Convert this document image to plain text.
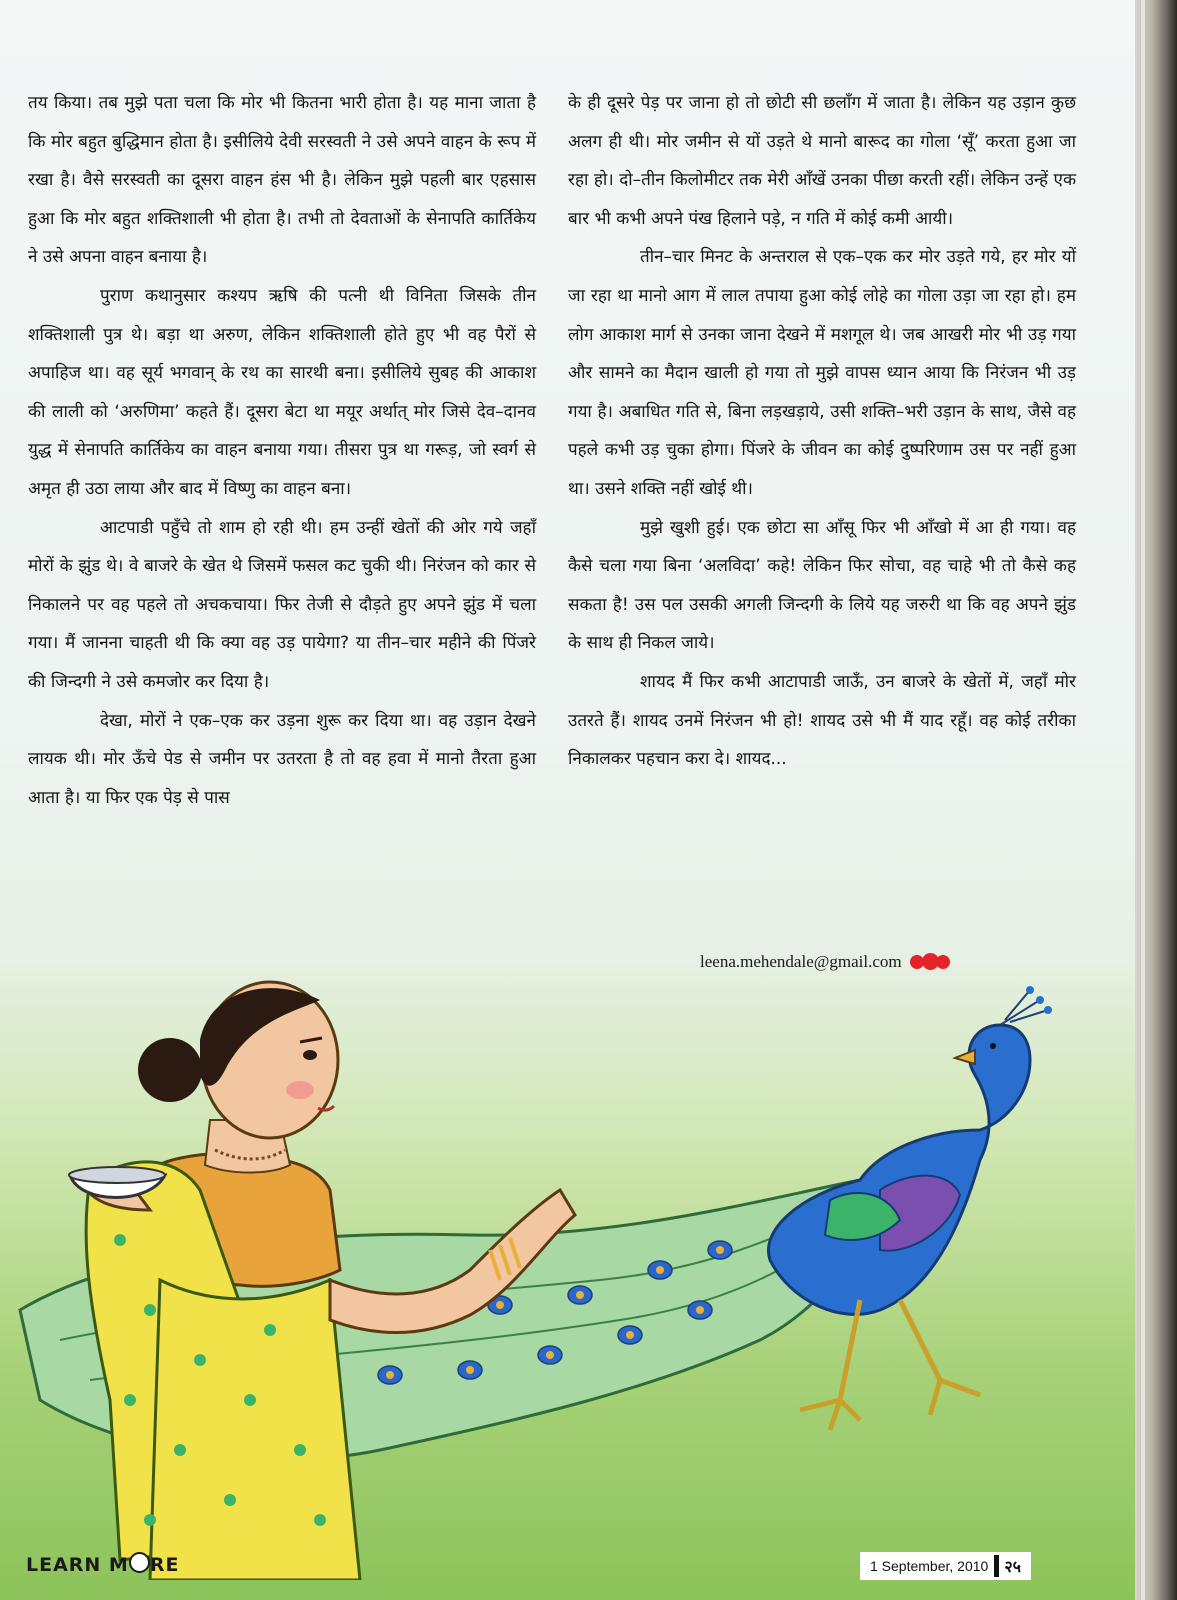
तय किया। तब मुझे पता चला कि मोर भी कितना भारी होता है। यह माना जाता है कि मोर बहुत बुद्धिमान होता है। इसीलिये देवी सरस्वती ने उसे अपने वाहन के रूप में रखा है। वैसे सरस्वती का दूसरा वाहन हंस भी है। लेकिन मुझे पहली बार एहसास हुआ कि मोर बहुत शक्तिशाली भी होता है। तभी तो देवताओं के सेनापति कार्तिकेय ने उसे अपना वाहन बनाया है।

पुराण कथानुसार कश्यप ऋषि की पत्नी थी विनिता जिसके तीन शक्तिशाली पुत्र थे। बड़ा था अरुण, लेकिन शक्तिशाली होते हुए भी वह पैरों से अपाहिज था। वह सूर्य भगवान् के रथ का सारथी बना। इसीलिये सुबह की आकाश की लाली को ‘अरुणिमा’ कहते हैं। दूसरा बेटा था मयूर अर्थात् मोर जिसे देव–दानव युद्ध में सेनापति कार्तिकेय का वाहन बनाया गया। तीसरा पुत्र था गरूड़, जो स्वर्ग से अमृत ही उठा लाया और बाद में विष्णु का वाहन बना।

आटपाडी पहुँचे तो शाम हो रही थी। हम उन्हीं खेतों की ओर गये जहाँ मोरों के झुंड थे। वे बाजरे के खेत थे जिसमें फसल कट चुकी थी। निरंजन को कार से निकालने पर वह पहले तो अचकचाया। फिर तेजी से दौड़ते हुए अपने झुंड में चला गया। मैं जानना चाहती थी कि क्या वह उड़ पायेगा? या तीन–चार महीने की पिंजरे की जिन्दगी ने उसे कमजोर कर दिया है।

देखा, मोरों ने एक–एक कर उड़ना शुरू कर दिया था। वह उड़ान देखने लायक थी। मोर ऊँचे पेड से जमीन पर उतरता है तो वह हवा में मानो तैरता हुआ आता है। या फिर एक पेड़ से पास

के ही दूसरे पेड़ पर जाना हो तो छोटी सी छलाँग में जाता है। लेकिन यह उड़ान कुछ अलग ही थी। मोर जमीन से यों उड़ते थे मानो बारूद का गोला ‘सूँ’ करता हुआ जा रहा हो। दो–तीन किलोमीटर तक मेरी आँखें उनका पीछा करती रहीं। लेकिन उन्हें एक बार भी कभी अपने पंख हिलाने पड़े, न गति में कोई कमी आयी।

तीन–चार मिनट के अन्तराल से एक–एक कर मोर उड़ते गये, हर मोर यों जा रहा था मानो आग में लाल तपाया हुआ कोई लोहे का गोला उड़ा जा रहा हो। हम लोग आकाश मार्ग से उनका जाना देखने में मशगूल थे। जब आखरी मोर भी उड़ गया और सामने का मैदान खाली हो गया तो मुझे वापस ध्यान आया कि निरंजन भी उड़ गया है। अबाधित गति से, बिना लड़खड़ाये, उसी शक्ति–भरी उड़ान के साथ, जैसे वह पहले कभी उड़ चुका होगा। पिंजरे के जीवन का कोई दुष्परिणाम उस पर नहीं हुआ था। उसने शक्ति नहीं खोई थी।

मुझे खुशी हुई। एक छोटा सा आँसू फिर भी आँखो में आ ही गया। वह कैसे चला गया बिना ‘अलविदा’ कहे! लेकिन फिर सोचा, वह चाहे भी तो कैसे कह सकता है! उस पल उसकी अगली जिन्दगी के लिये यह जरुरी था कि वह अपने झुंड के साथ ही निकल जाये।

शायद मैं फिर कभी आटापाडी जाऊँ, उन बाजरे के खेतों में, जहाँ मोर उतरते हैं। शायद उनमें निरंजन भी हो! शायद उसे भी मैं याद रहूँ। वह कोई तरीका निकालकर पहचान करा दे। शायद...

leena.mehendale@gmail.com
LEARN M RE	1 September, 2010	२५
